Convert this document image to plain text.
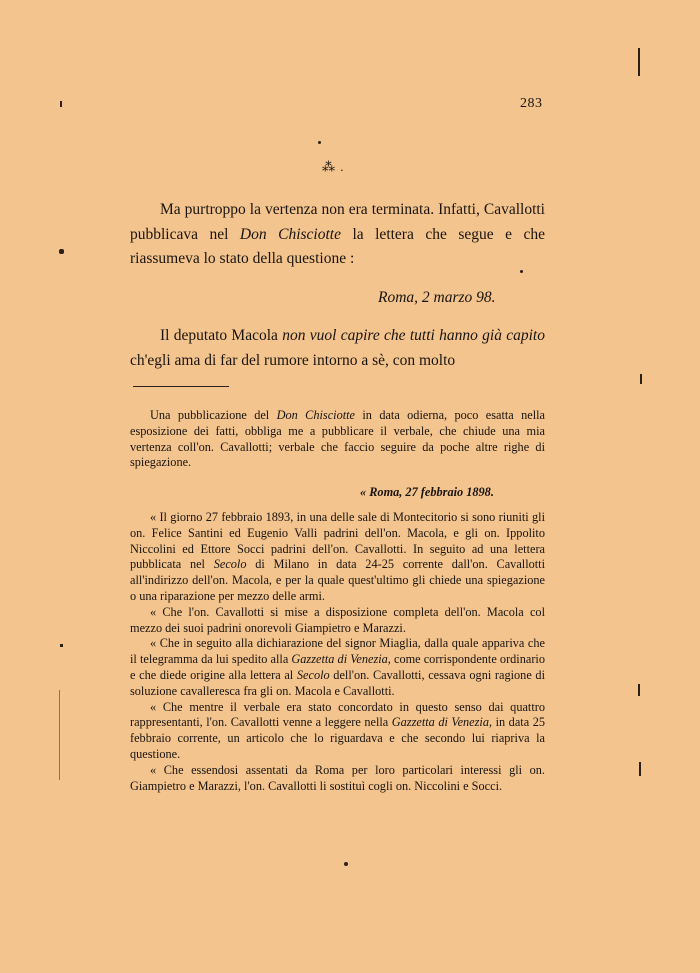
283
⁂ .

Ma purtroppo la vertenza non era terminata. Infatti, Cavallotti pubblicava nel Don Chisciotte la lettera che segue e che riassumeva lo stato della questione :

Roma, 2 marzo 98.

Il deputato Macola non vuol capire che tutti hanno già capito ch'egli ama di far del rumore intorno a sè, con molto

Una pubblicazione del Don Chisciotte in data odierna, poco esatta nella esposizione dei fatti, obbliga me a pubblicare il verbale, che chiude una mia vertenza coll'on. Cavallotti; verbale che faccio seguire da poche altre righe di spiegazione.

« Roma, 27 febbraio 1898.

« Il giorno 27 febbraio 1893, in una delle sale di Montecitorio si sono riuniti gli on. Felice Santini ed Eugenio Valli padrini dell'on. Macola, e gli on. Ippolito Niccolini ed Ettore Socci padrini dell'on. Cavallotti. In seguito ad una lettera pubblicata nel Secolo di Milano in data 24-25 corrente dall'on. Cavallotti all'indirizzo dell'on. Macola, e per la quale quest'ultimo gli chiede una spiegazione o una riparazione per mezzo delle armi.

« Che l'on. Cavallotti si mise a disposizione completa dell'on. Macola col mezzo dei suoi padrini onorevoli Giampietro e Marazzi.

« Che in seguito alla dichiarazione del signor Miaglia, dalla quale appariva che il telegramma da lui spedito alla Gazzetta di Venezia, come corrispondente ordinario e che diede origine alla lettera al Secolo dell'on. Cavallotti, cessava ogni ragione di soluzione cavalleresca fra gli on. Macola e Cavallotti.

« Che mentre il verbale era stato concordato in questo senso dai quattro rappresentanti, l'on. Cavallotti venne a leggere nella Gazzetta di Venezia, in data 25 febbraio corrente, un articolo che lo riguardava e che secondo lui riapriva la questione.

« Che essendosi assentati da Roma per loro particolari interessi gli on. Giampietro e Marazzi, l'on. Cavallotti li sostituì cogli on. Niccolini e Socci.
